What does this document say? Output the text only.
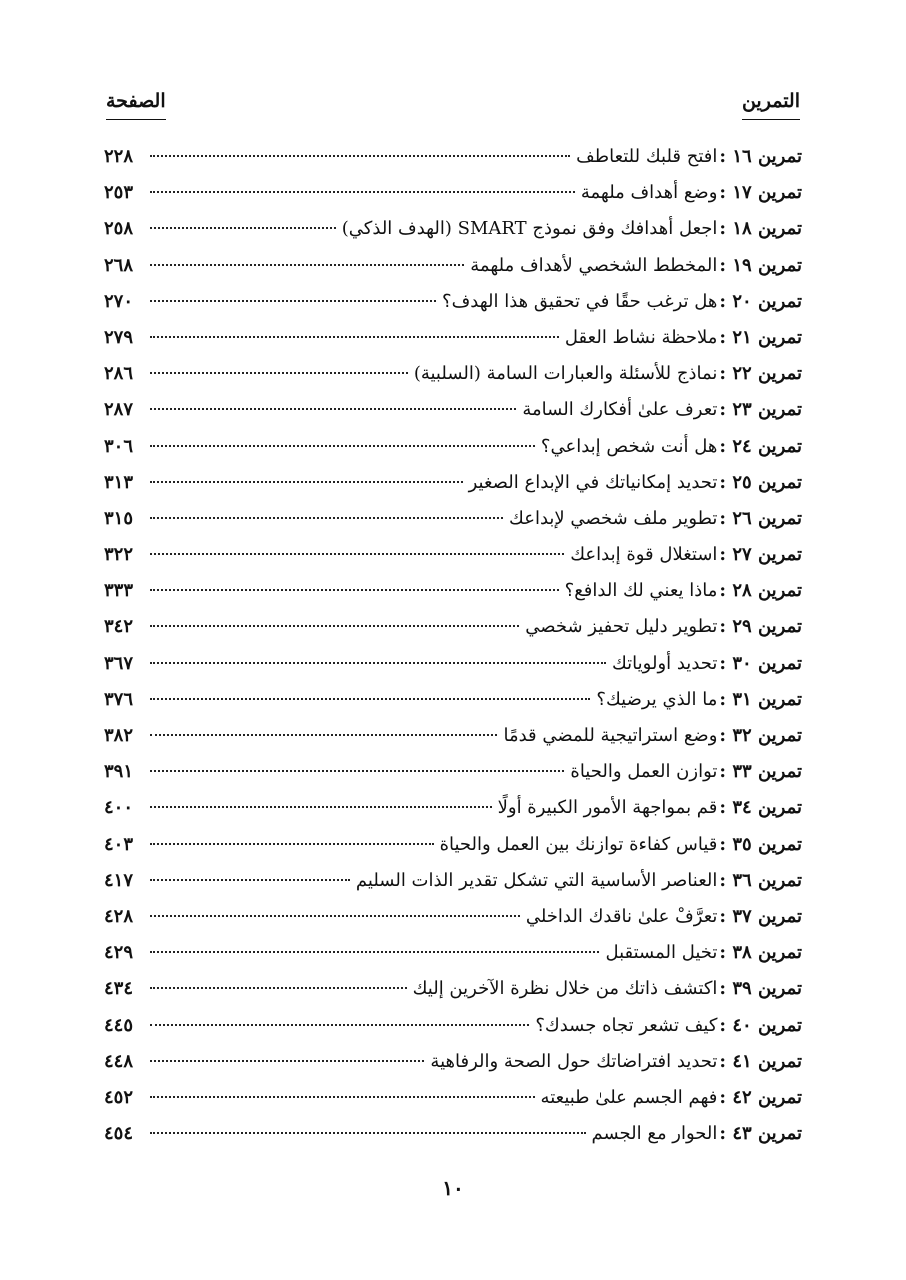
التمرين
الصفحة
تمرين ١٦ :
افتح قلبك للتعاطف
٢٢٨
تمرين ١٧ :
وضع أهداف ملهمة
٢٥٣
تمرين ١٨ :
اجعل أهدافك وفق نموذج SMART (الهدف الذكي)
٢٥٨
تمرين ١٩ :
المخطط الشخصي لأهداف ملهمة
٢٦٨
تمرين ٢٠ :
هل ترغب حقًا في تحقيق هذا الهدف؟
٢٧٠
تمرين ٢١ :
ملاحظة نشاط العقل
٢٧٩
تمرين ٢٢ :
نماذج للأسئلة والعبارات السامة (السلبية)
٢٨٦
تمرين ٢٣ :
تعرف علىٰ أفكارك السامة
٢٨٧
تمرين ٢٤ :
هل أنت شخص إبداعي؟
٣٠٦
تمرين ٢٥ :
تحديد إمكانياتك في الإبداع الصغير
٣١٣
تمرين ٢٦ :
تطوير ملف شخصي لإبداعك
٣١٥
تمرين ٢٧ :
استغلال قوة إبداعك
٣٢٢
تمرين ٢٨ :
ماذا يعني لك الدافع؟
٣٣٣
تمرين ٢٩ :
تطوير دليل تحفيز شخصي
٣٤٢
تمرين ٣٠ :
تحديد أولوياتك
٣٦٧
تمرين ٣١ :
ما الذي يرضيك؟
٣٧٦
تمرين ٣٢ :
وضع استراتيجية للمضي قدمًا
٣٨٢
تمرين ٣٣ :
توازن العمل والحياة
٣٩١
تمرين ٣٤ :
قم بمواجهة الأمور الكبيرة أولًا
٤٠٠
تمرين ٣٥ :
قياس كفاءة توازنك بين العمل والحياة
٤٠٣
تمرين ٣٦ :
العناصر الأساسية التي تشكل تقدير الذات السليم
٤١٧
تمرين ٣٧ :
تعرَّفْ علىٰ ناقدك الداخلي
٤٢٨
تمرين ٣٨ :
تخيل المستقبل
٤٢٩
تمرين ٣٩ :
اكتشف ذاتك من خلال نظرة الآخرين إليك
٤٣٤
تمرين ٤٠ :
كيف تشعر تجاه جسدك؟
٤٤٥
تمرين ٤١ :
تحديد افتراضاتك حول الصحة والرفاهية
٤٤٨
تمرين ٤٢ :
فهم الجسم علىٰ طبيعته
٤٥٢
تمرين ٤٣ :
الحوار مع الجسم
٤٥٤
١٠
